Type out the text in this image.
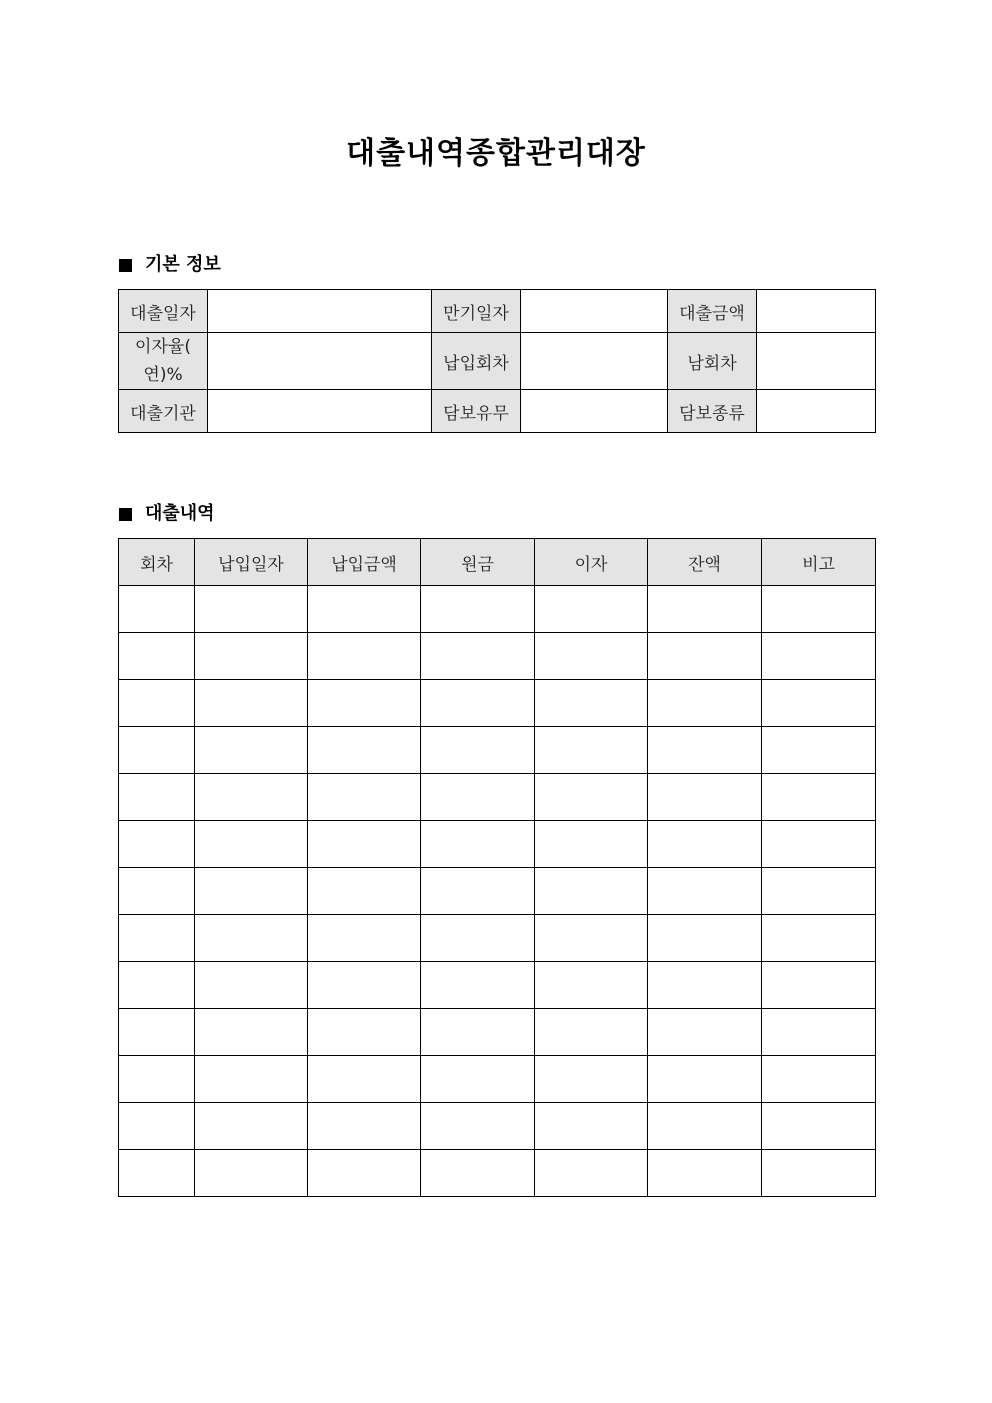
대출내역종합관리대장
기본 정보
대출일자		만기일자		대출금액	

이자율(
연)%		납입회차		남회차	
대출기관		담보유무		담보종류	
대출내역
회차	납입일자	납입금액	원금	이자	잔액	비고
